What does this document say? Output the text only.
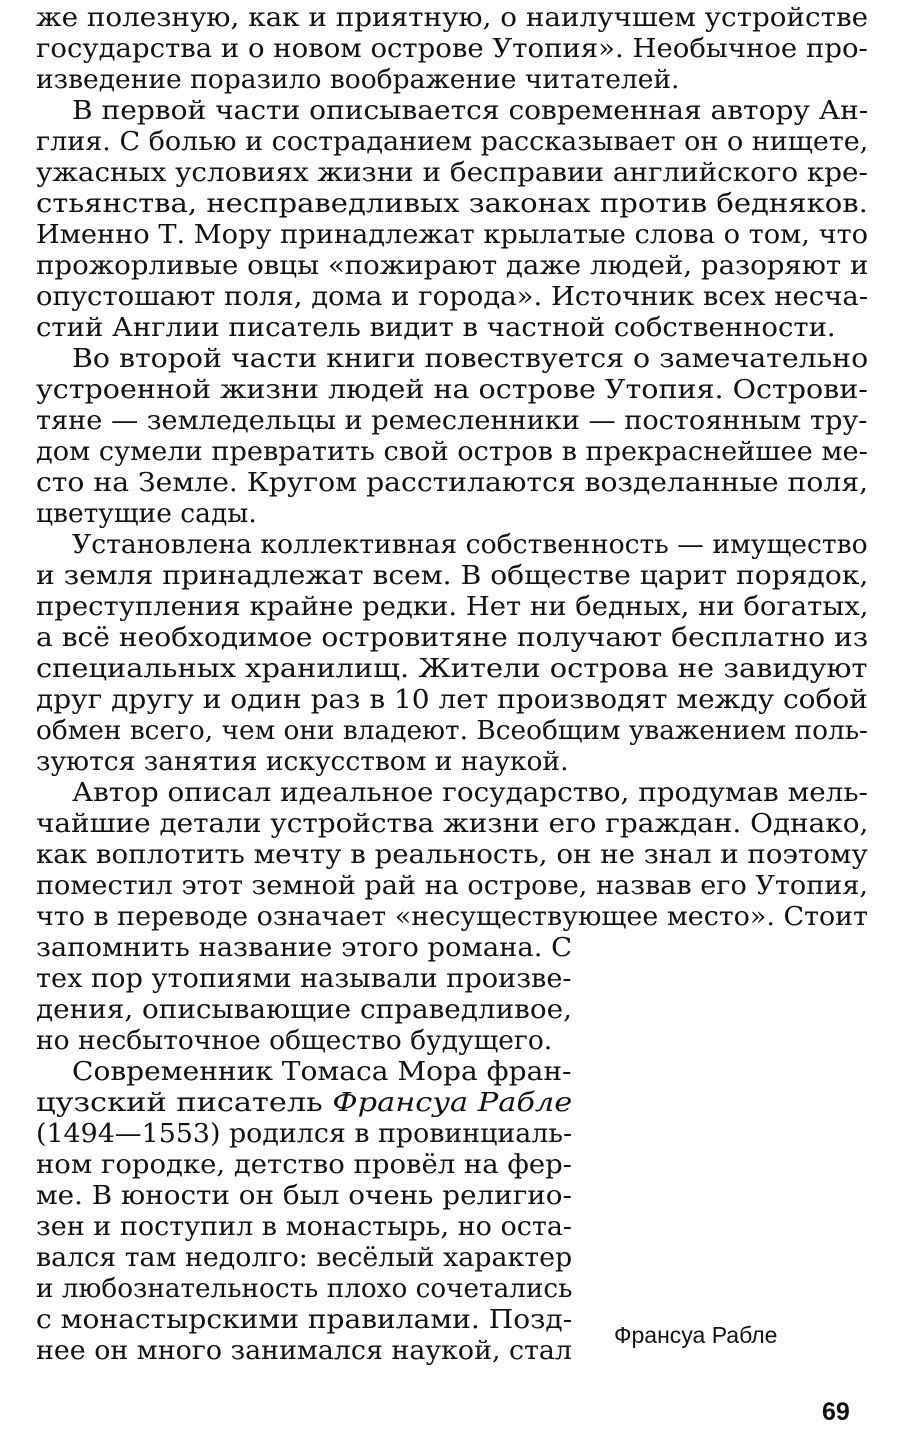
же полезную, как и приятную, о наилучшем устройстве

государства и о новом острове Утопия». Необычное про-

изведение поразило воображение читателей.

В первой части описывается современная автору Ан-

глия. С болью и состраданием рассказывает он о нищете,

ужасных условиях жизни и бесправии английского кре-

стьянства, несправедливых законах против бедняков.

Именно Т. Мору принадлежат крылатые слова о том, что

прожорливые овцы «пожирают даже людей, разоряют и

опустошают поля, дома и города». Источник всех несча-

стий Англии писатель видит в частной собственности.

Во второй части книги повествуется о замечательно

устроенной жизни людей на острове Утопия. Острови-

тяне — земледельцы и ремесленники — постоянным тру-

дом сумели превратить свой остров в прекраснейшее ме-

сто на Земле. Кругом расстилаются возделанные поля,

цветущие сады.

Установлена коллективная собственность — имущество

и земля принадлежат всем. В обществе царит порядок,

преступления крайне редки. Нет ни бедных, ни богатых,

а всё необходимое островитяне получают бесплатно из

специальных хранилищ. Жители острова не завидуют

друг другу и один раз в 10 лет производят между собой

обмен всего, чем они владеют. Всеобщим уважением поль-

зуются занятия искусством и наукой.

Автор описал идеальное государство, продумав мель-

чайшие детали устройства жизни его граждан. Однако,

как воплотить мечту в реальность, он не знал и поэтому

поместил этот земной рай на острове, назвав его Утопия,

что в переводе означает «несуществующее место». Стоит

запомнить название этого романа. С

тех пор утопиями называли произве-

дения, описывающие справедливое,

но несбыточное общество будущего.

Современник Томаса Мора фран-

цузский писатель Франсуа Рабле

(1494—1553) родился в провинциаль-

ном городке, детство провёл на фер-

ме. В юности он был очень религио-

зен и поступил в монастырь, но оста-

вался там недолго: весёлый характер

и любознательность плохо сочетались

с монастырскими правилами. Позд-

нее он много занимался наукой, стал Франсуа Рабле
69
